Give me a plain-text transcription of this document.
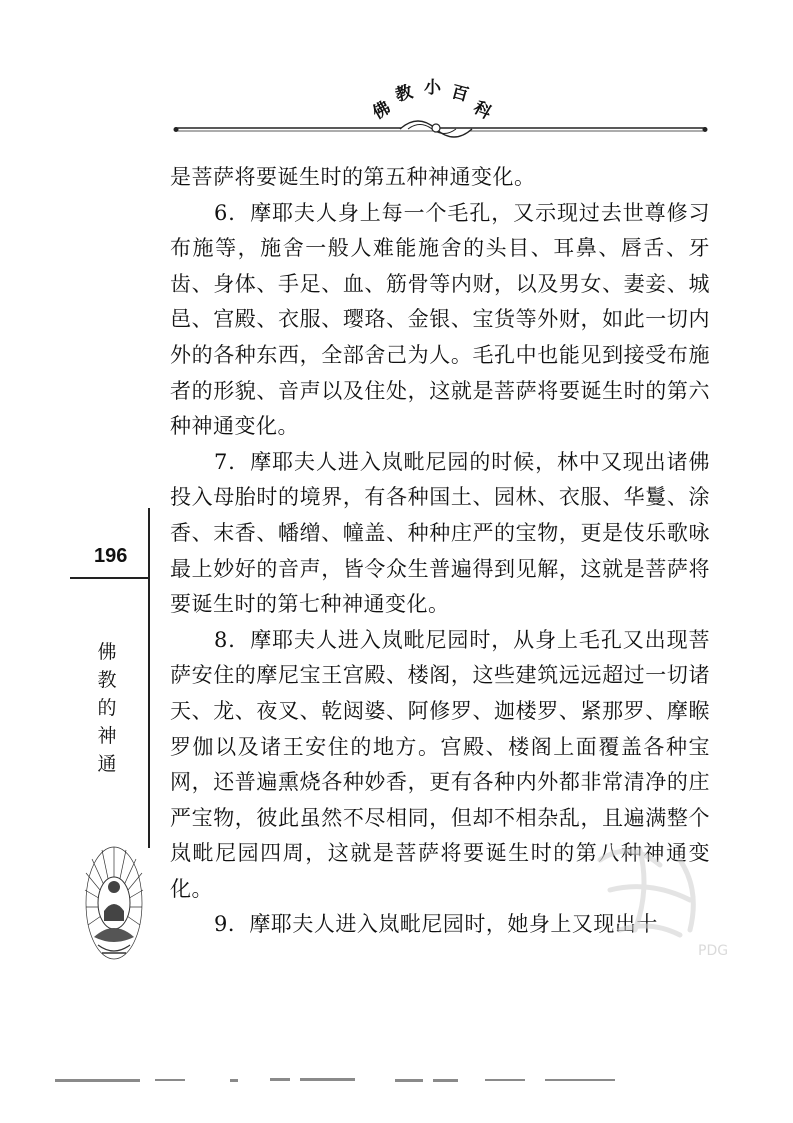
佛
教 小 百
科

是菩萨将要诞生时的第五种神通变化。

6．摩耶夫人身上每一个毛孔，又示现过去世尊修习布施等，施舍一般人难能施舍的头目、耳鼻、唇舌、牙齿、身体、手足、血、筋骨等内财，以及男女、妻妾、城邑、宫殿、衣服、璎珞、金银、宝货等外财，如此一切内外的各种东西，全部舍己为人。毛孔中也能见到接受布施者的形貌、音声以及住处，这就是菩萨将要诞生时的第六种神通变化。

7．摩耶夫人进入岚毗尼园的时候，林中又现出诸佛投入母胎时的境界，有各种国土、园林、衣服、华鬘、涂香、末香、幡缯、幢盖、种种庄严的宝物，更是伎乐歌咏最上妙好的音声，皆令众生普遍得到见解，这就是菩萨将要诞生时的第七种神通变化。

8．摩耶夫人进入岚毗尼园时，从身上毛孔又出现菩萨安住的摩尼宝王宫殿、楼阁，这些建筑远远超过一切诸天、龙、夜叉、乾闼婆、阿修罗、迦楼罗、紧那罗、摩睺罗伽以及诸王安住的地方。宫殿、楼阁上面覆盖各种宝网，还普遍熏烧各种妙香，更有各种内外都非常清净的庄严宝物，彼此虽然不尽相同，但却不相杂乱，且遍满整个岚毗尼园四周，这就是菩萨将要诞生时的第八种神通变化。

9．摩耶夫人进入岚毗尼园时，她身上又现出十

196
佛
教
的
神
通
PDG
